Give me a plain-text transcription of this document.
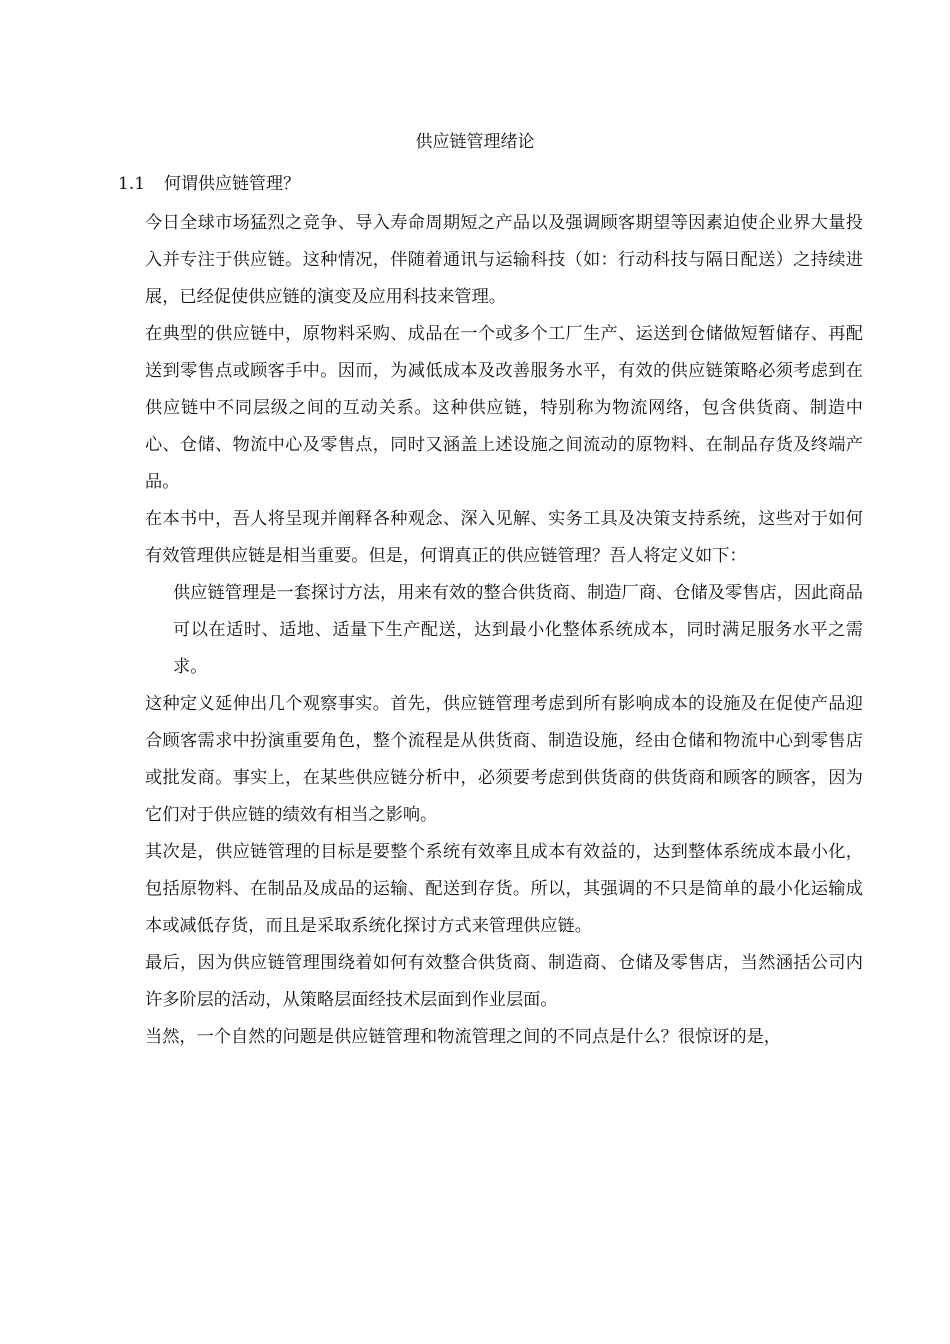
供应链管理绪论
1.1 何谓供应链管理？

今日全球市场猛烈之竞争、导入寿命周期短之产品以及强调顾客期望等因素迫使企业界大量投入并专注于供应链。这种情况，伴随着通讯与运输科技（如：行动科技与隔日配送）之持续进展，已经促使供应链的演变及应用科技来管理。

在典型的供应链中，原物料采购、成品在一个或多个工厂生产、运送到仓储做短暂储存、再配送到零售点或顾客手中。因而，为减低成本及改善服务水平，有效的供应链策略必须考虑到在供应链中不同层级之间的互动关系。这种供应链，特别称为物流网络，包含供货商、制造中心、仓储、物流中心及零售点，同时又涵盖上述设施之间流动的原物料、在制品存货及终端产品。

在本书中，吾人将呈现并阐释各种观念、深入见解、实务工具及决策支持系统，这些对于如何有效管理供应链是相当重要。但是，何谓真正的供应链管理？吾人将定义如下：

供应链管理是一套探讨方法，用来有效的整合供货商、制造厂商、仓储及零售店，因此商品可以在适时、适地、适量下生产配送，达到最小化整体系统成本，同时满足服务水平之需求。

这种定义延伸出几个观察事实。首先，供应链管理考虑到所有影响成本的设施及在促使产品迎合顾客需求中扮演重要角色，整个流程是从供货商、制造设施，经由仓储和物流中心到零售店或批发商。事实上，在某些供应链分析中，必须要考虑到供货商的供货商和顾客的顾客，因为它们对于供应链的绩效有相当之影响。

其次是，供应链管理的目标是要整个系统有效率且成本有效益的，达到整体系统成本最小化，包括原物料、在制品及成品的运输、配送到存货。所以，其强调的不只是简单的最小化运输成本或减低存货，而且是采取系统化探讨方式来管理供应链。

最后，因为供应链管理围绕着如何有效整合供货商、制造商、仓储及零售店，当然涵括公司内许多阶层的活动，从策略层面经技术层面到作业层面。

当然，一个自然的问题是供应链管理和物流管理之间的不同点是什么？很惊讶的是，
